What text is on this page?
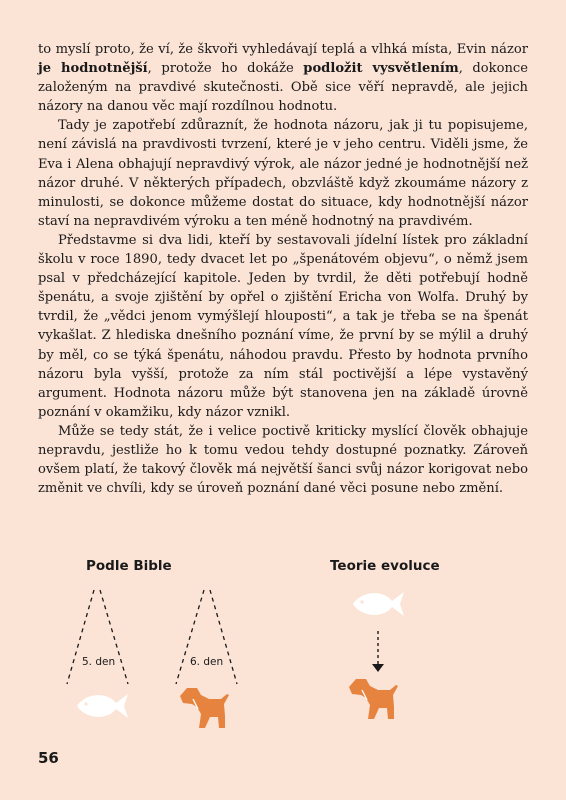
to myslí proto, že ví, že škvoři vyhledávají teplá a vlhká místa, Evin názor je hodnotnější, protože ho dokáže podložit vysvětlením, dokonce založeným na pravdivé skutečnosti. Obě sice věří nepravdě, ale jejich názory na danou věc mají rozdílnou hodnotu.

Tady je zapotřebí zdůraznít, že hodnota názoru, jak ji tu popisujeme, není závislá na pravdivosti tvrzení, které je v jeho centru. Viděli jsme, že Eva i Alena obhajují nepravdivý výrok, ale názor jedné je hodnotnější než názor druhé. V některých případech, obzvláště když zkoumáme názory z minulosti, se dokonce můžeme dostat do situace, kdy hodnotnější názor staví na nepravdivém výroku a ten méně hodnotný na pravdivém.

Představme si dva lidi, kteří by sestavovali jídelní lístek pro základní školu v roce 1890, tedy dvacet let po „špenátovém objevu“, o němž jsem psal v předcházející kapitole. Jeden by tvrdil, že děti potřebují hodně špenátu, a svoje zjištění by opřel o zjištění Ericha von Wolfa. Druhý by tvrdil, že „vědci jenom vymýšlejí hlouposti“, a tak je třeba se na špenát vykašlat. Z hlediska dnešního poznání víme, že první by se mýlil a druhý by měl, co se týká špenátu, náhodou pravdu. Přesto by hodnota prvního názoru byla vyšší, protože za ním stál poctivější a lépe vystavěný argument. Hodnota názoru může být stanovena jen na základě úrovně poznání v okamžiku, kdy názor vznikl.

Může se tedy stát, že i velice poctivě kriticky myslící člověk obhajuje nepravdu, jestliže ho k tomu vedou tehdy dostupné poznatky. Zároveň ovšem platí, že takový člověk má největší šanci svůj názor korigovat nebo změnit ve chvíli, kdy se úroveň poznání dané věci posune nebo změní.

Podle Bible	Teorie evoluce
5. den	6. den
56
